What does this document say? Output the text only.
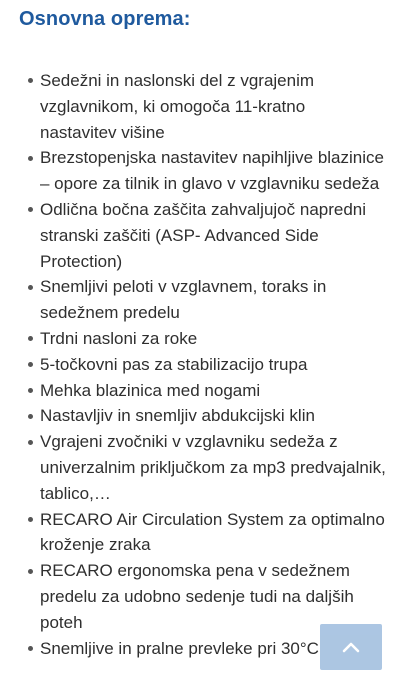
Osnovna oprema:
Sedežni in naslonski del z vgrajenim vzglavnikom, ki omogoča 11-kratno nastavitev višine
Brezstopenjska nastavitev napihljive blazinice – opore za tilnik in glavo v vzglavniku sedeža
Odlična bočna zaščita zahvaljujoč napredni stranski zaščiti (ASP- Advanced Side Protection)
Snemljivi peloti v vzglavnem, toraks in sedežnem predelu
Trdni nasloni za roke
5-točkovni pas za stabilizacijo trupa
Mehka blazinica med nogami
Nastavljiv in snemljiv abdukcijski klin
Vgrajeni zvočniki v vzglavniku sedeža z univerzalnim priključkom za mp3 predvajalnik, tablico,…
RECARO Air Circulation System za optimalno kroženje zraka
RECARO ergonomska pena v sedežnem predelu za udobno sedenje tudi na daljših poteh
Snemljive in pralne prevleke pri 30°C
